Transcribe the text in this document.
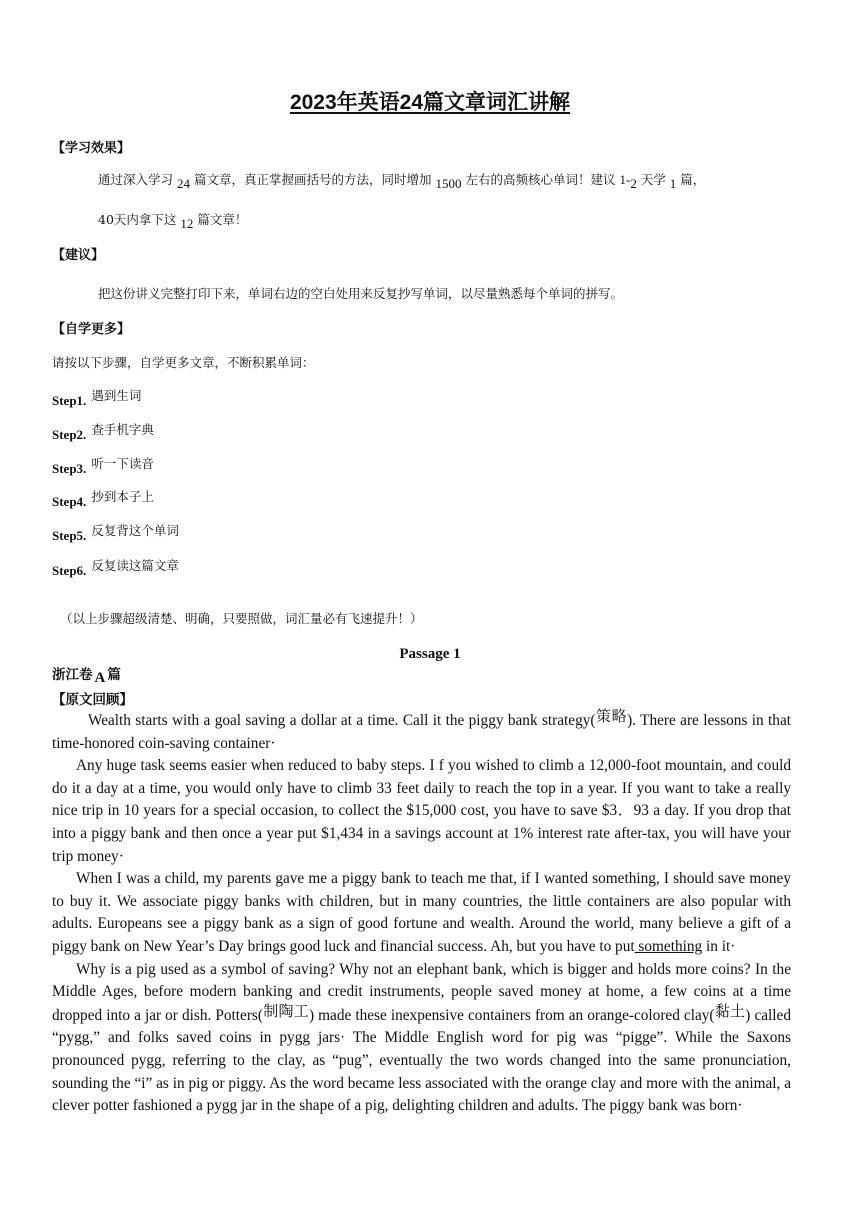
2023年英语24篇文章词汇讲解
【学习效果】
通过深入学习 24 篇文章，真正掌握画括号的方法，同时增加 1500 左右的高频核心单词！建议 1-2 天学 1 篇，
40天内拿下这 12 篇文章！
【建议】
把这份讲义完整打印下来，单词右边的空白处用来反复抄写单词，以尽量熟悉每个单词的拼写。
【自学更多】
请按以下步骤，自学更多文章，不断积累单词：
Step1. $^{遇到生词}$
Step2. $^{查手机字典}$
Step3. $^{听一下读音}$
Step4. $^{抄到本子上}$
Step5. $^{反复背这个单词}$
Step6. $^{反复读这篇文章}$
（以上步骤超级清楚、明确，只要照做，词汇量必有飞速提升！）
Passage 1
浙江卷 A 篇
【原文回顾】

Wealth starts with a goal saving a dollar at a time. Call it the piggy bank strategy(策略). There are lessons in that time-honored coin-saving container·

Any huge task seems easier when reduced to baby steps. I f you wished to climb a 12,000-foot mountain, and could do it a day at a time, you would only have to climb 33 feet daily to reach the top in a year. If you want to take a really nice trip in 10 years for a special occasion, to collect the $15,000 cost, you have to save $3．93 a day. If you drop that into a piggy bank and then once a year put $1,434 in a savings account at 1% interest rate after-tax, you will have your trip money·

When I was a child, my parents gave me a piggy bank to teach me that, if I wanted something, I should save money to buy it. We associate piggy banks with children, but in many countries, the little containers are also popular with adults. Europeans see a piggy bank as a sign of good fortune and wealth. Around the world, many believe a gift of a piggy bank on New Year’s Day brings good luck and financial success. Ah, but you have to put something in it·

Why is a pig used as a symbol of saving? Why not an elephant bank, which is bigger and holds more coins? In the Middle Ages, before modern banking and credit instruments, people saved money at home, a few coins at a time dropped into a jar or dish. Potters(制陶工) made these inexpensive containers from an orange-colored clay(黏土) called “pygg,” and folks saved coins in pygg jars· The Middle English word for pig was “pigge”. While the Saxons pronounced pygg, referring to the clay, as “pug”, eventually the two words changed into the same pronunciation, sounding the “i” as in pig or piggy. As the word became less associated with the orange clay and more with the animal, a clever potter fashioned a pygg jar in the shape of a pig, delighting children and adults. The piggy bank was born·
